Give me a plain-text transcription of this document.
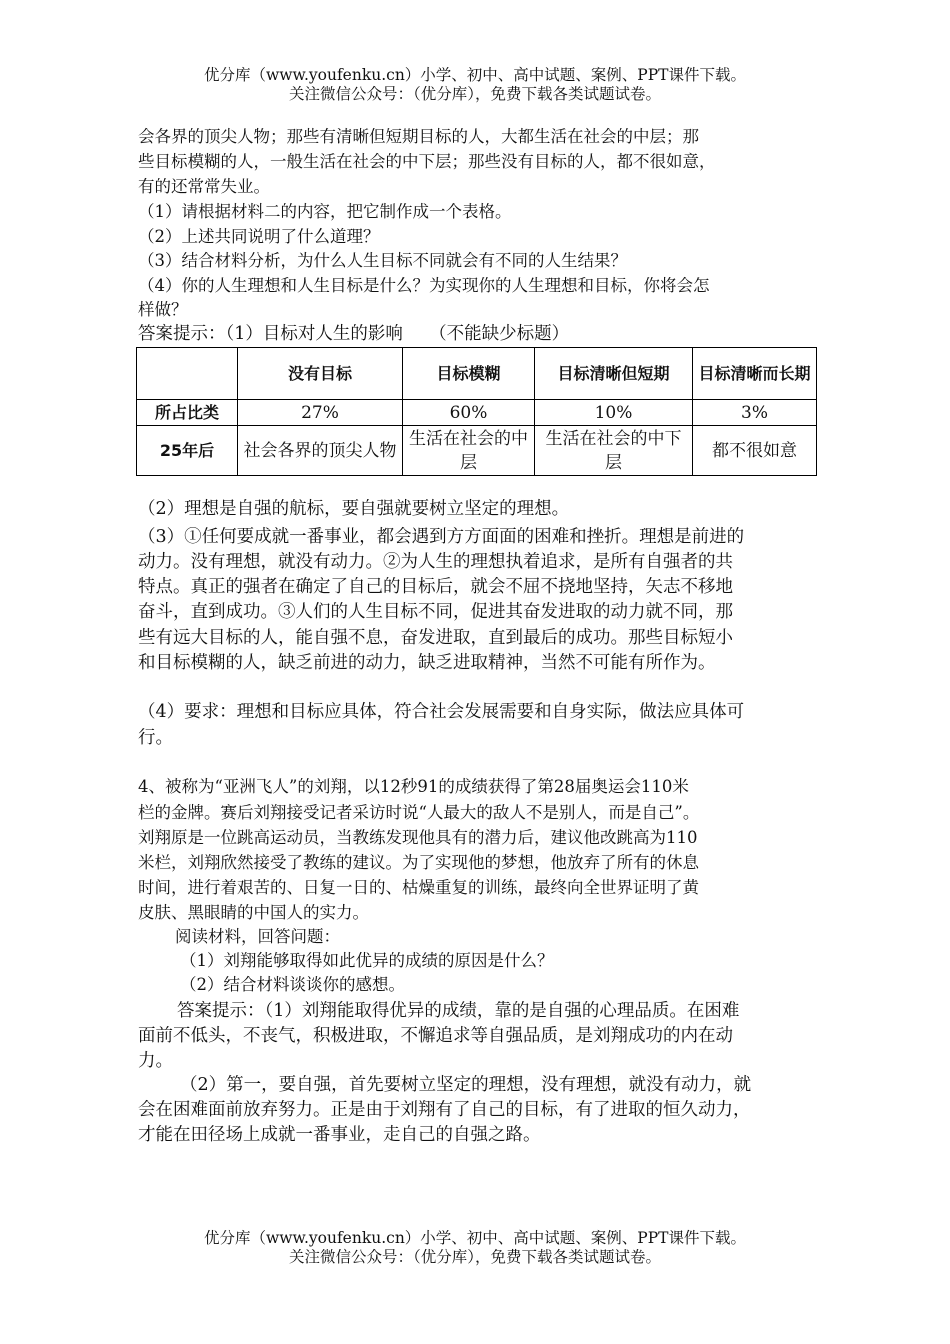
优分库（www.youfenku.cn）小学、初中、高中试题、案例、PPT课件下载。
关注微信公众号：（优分库），免费下载各类试题试卷。
会各界的顶尖人物；那些有清晰但短期目标的人，大都生活在社会的中层；那
些目标模糊的人，一般生活在社会的中下层；那些没有目标的人，都不很如意，
有的还常常失业。
（1）请根据材料二的内容，把它制作成一个表格。
（2）上述共同说明了什么道理？
（3）结合材料分析，为什么人生目标不同就会有不同的人生结果？
（4）你的人生理想和人生目标是什么？为实现你的人生理想和目标，你将会怎
样做？
答案提示：（1）目标对人生的影响　　（不能缺少标题）
	没有目标	目标模糊	目标清晰但短期	目标清晰而长期
所占比类	27%	60%	10%	3%
25年后	社会各界的顶尖人物	生活在社会的中层	生活在社会的中下层	都不很如意
（2）理想是自强的航标，要自强就要树立坚定的理想。
（3）①任何要成就一番事业，都会遇到方方面面的困难和挫折。理想是前进的
动力。没有理想，就没有动力。②为人生的理想执着追求，是所有自强者的共
特点。真正的强者在确定了自己的目标后，就会不屈不挠地坚持，矢志不移地
奋斗，直到成功。③人们的人生目标不同，促进其奋发进取的动力就不同，那
些有远大目标的人，能自强不息，奋发进取，直到最后的成功。那些目标短小
和目标模糊的人，缺乏前进的动力，缺乏进取精神，当然不可能有所作为。
（4）要求：理想和目标应具体，符合社会发展需要和自身实际，做法应具体可
行。
4、被称为“亚洲飞人”的刘翔，以12秒91的成绩获得了第28届奥运会110米
栏的金牌。赛后刘翔接受记者采访时说“人最大的敌人不是别人，而是自己”。
刘翔原是一位跳高运动员，当教练发现他具有的潜力后，建议他改跳高为110
米栏，刘翔欣然接受了教练的建议。为了实现他的梦想，他放弃了所有的休息
时间，进行着艰苦的、日复一日的、枯燥重复的训练，最终向全世界证明了黄
皮肤、黑眼睛的中国人的实力。
阅读材料，回答问题：
（1）刘翔能够取得如此优异的成绩的原因是什么？
（2）结合材料谈谈你的感想。
答案提示：（1）刘翔能取得优异的成绩，靠的是自强的心理品质。在困难
面前不低头，不丧气，积极进取，不懈追求等自强品质，是刘翔成功的内在动
力。
（2）第一，要自强，首先要树立坚定的理想，没有理想，就没有动力，就
会在困难面前放弃努力。正是由于刘翔有了自己的目标，有了进取的恒久动力，
才能在田径场上成就一番事业，走自己的自强之路。
优分库（www.youfenku.cn）小学、初中、高中试题、案例、PPT课件下载。
关注微信公众号：（优分库），免费下载各类试题试卷。
